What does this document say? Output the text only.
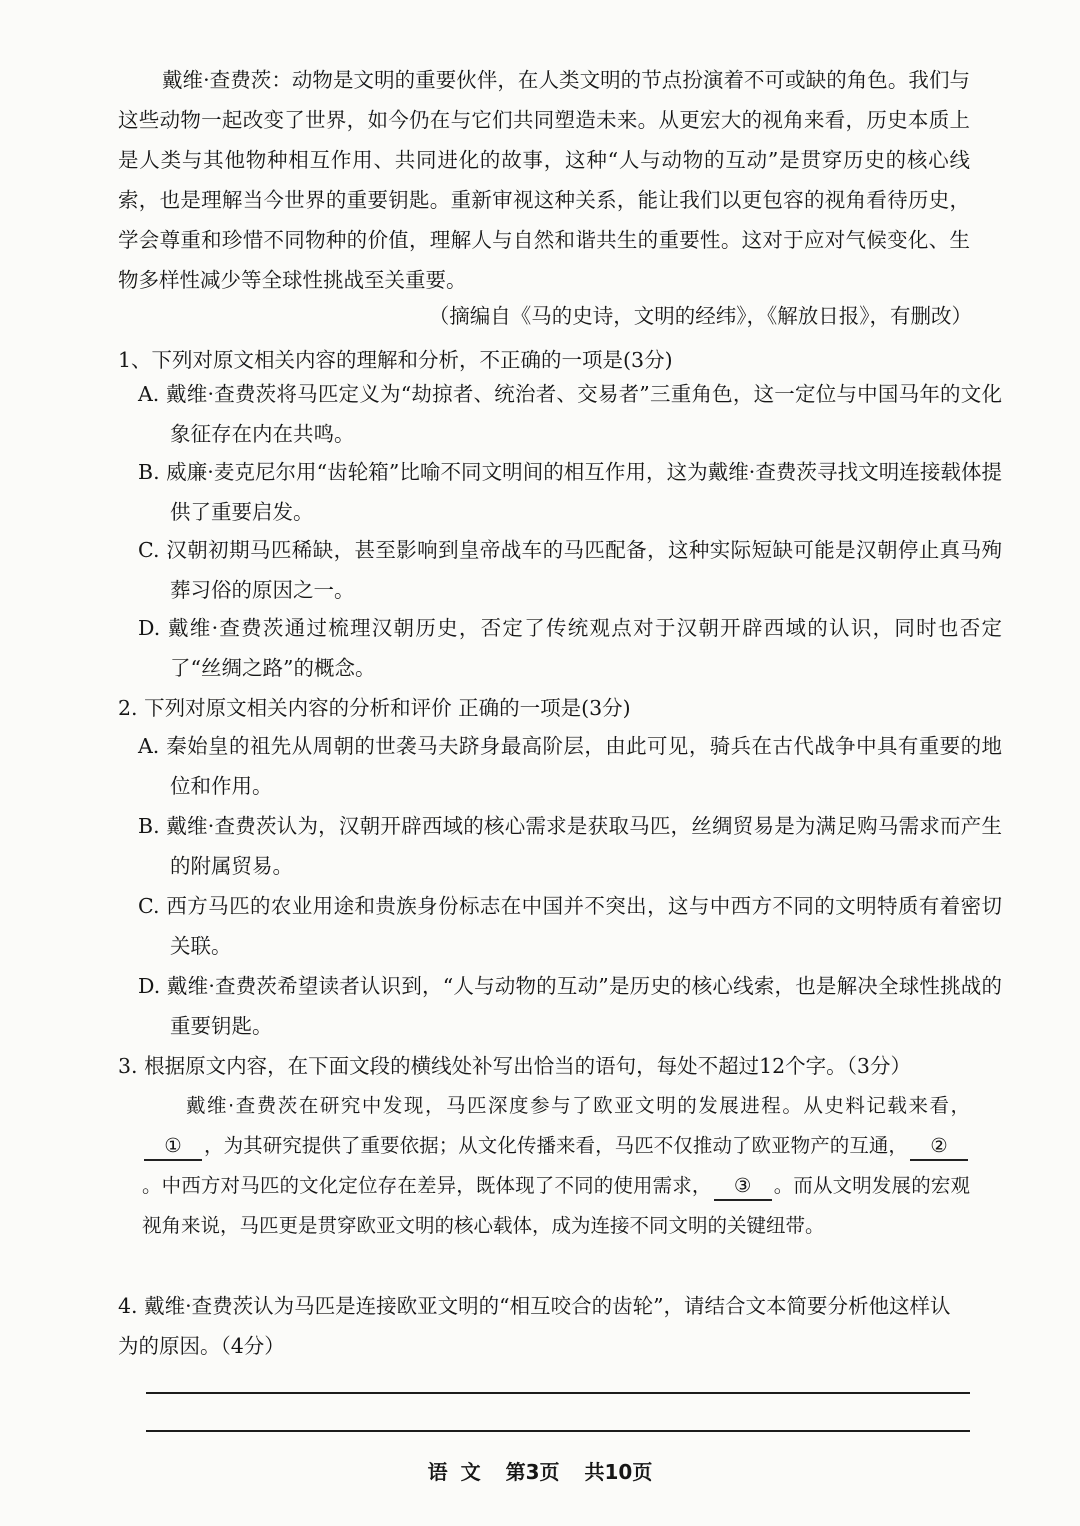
戴维·查费茨：动物是文明的重要伙伴，在人类文明的节点扮演着不可或缺的角色。我们与这些动物一起改变了世界，如今仍在与它们共同塑造未来。从更宏大的视角来看，历史本质上是人类与其他物种相互作用、共同进化的故事，这种“人与动物的互动”是贯穿历史的核心线索，也是理解当今世界的重要钥匙。重新审视这种关系，能让我们以更包容的视角看待历史，学会尊重和珍惜不同物种的价值，理解人与自然和谐共生的重要性。这对于应对气候变化、生物多样性减少等全球性挑战至关重要。
（摘编自《马的史诗，文明的经纬》，《解放日报》，有删改）
1、下列对原文相关内容的理解和分析，不正确的一项是(3分)
A. 戴维·查费茨将马匹定义为“劫掠者、统治者、交易者”三重角色，这一定位与中国马年的文化象征存在内在共鸣。
B. 威廉·麦克尼尔用“齿轮箱”比喻不同文明间的相互作用，这为戴维·查费茨寻找文明连接载体提供了重要启发。
C. 汉朝初期马匹稀缺，甚至影响到皇帝战车的马匹配备，这种实际短缺可能是汉朝停止真马殉葬习俗的原因之一。
D. 戴维·查费茨通过梳理汉朝历史，否定了传统观点对于汉朝开辟西域的认识，同时也否定了“丝绸之路”的概念。
2. 下列对原文相关内容的分析和评价 正确的一项是(3分)
A. 秦始皇的祖先从周朝的世袭马夫跻身最高阶层，由此可见，骑兵在古代战争中具有重要的地位和作用。
B. 戴维·查费茨认为，汉朝开辟西域的核心需求是获取马匹，丝绸贸易是为满足购马需求而产生的附属贸易。
C. 西方马匹的农业用途和贵族身份标志在中国并不突出，这与中西方不同的文明特质有着密切关联。
D. 戴维·查费茨希望读者认识到，“人与动物的互动”是历史的核心线索，也是解决全球性挑战的重要钥匙。
3. 根据原文内容，在下面文段的横线处补写出恰当的语句，每处不超过12个字。（3分）
戴维·查费茨在研究中发现，马匹深度参与了欧亚文明的发展进程。从史料记载来看，① ，为其研究提供了重要依据；从文化传播来看，马匹不仅推动了欧亚物产的互通， ②。中西方对马匹的文化定位存在差异，既体现了不同的使用需求， ③ 。而从文明发展的宏观视角来说，马匹更是贯穿欧亚文明的核心载体，成为连接不同文明的关键纽带。
4. 戴维·查费茨认为马匹是连接欧亚文明的“相互咬合的齿轮”，请结合文本简要分析他这样认为的原因。（4分）
语 文 第3页 共10页
